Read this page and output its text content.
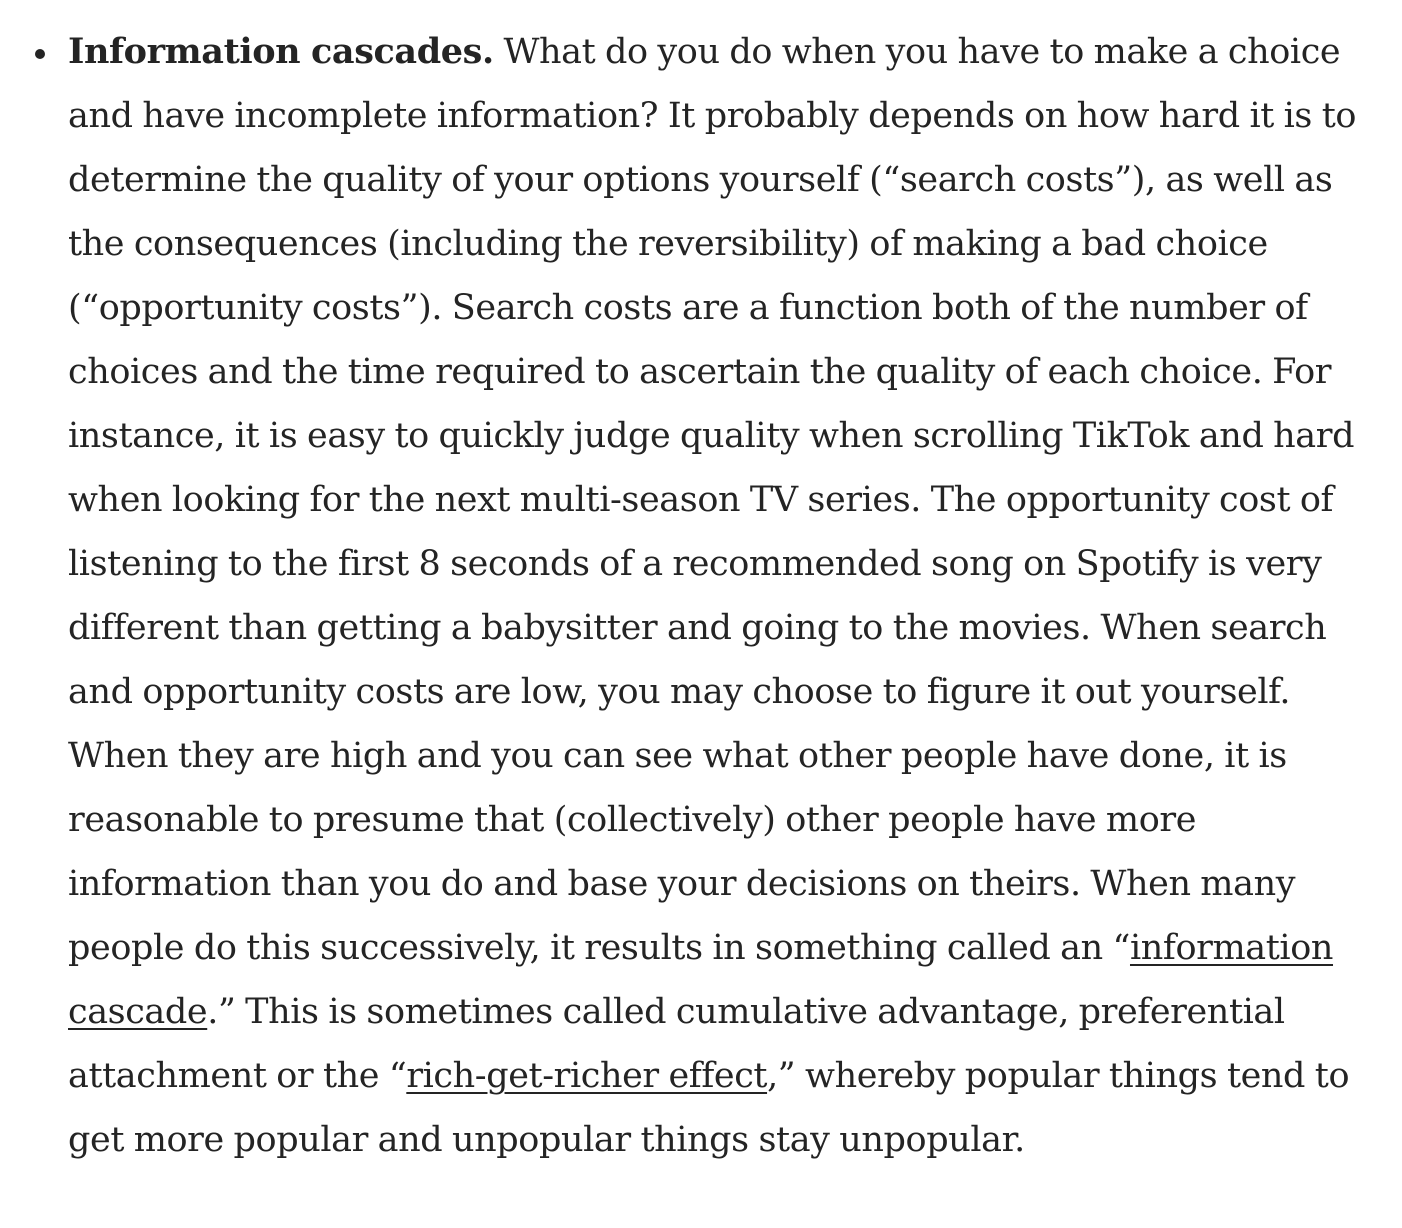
Information cascades. What do you do when you have to make a choice and have incomplete information? It probably depends on how hard it is to determine the quality of your options yourself (“search costs”), as well as the consequences (including the reversibility) of making a bad choice (“opportunity costs”). Search costs are a function both of the number of choices and the time required to ascertain the quality of each choice. For instance, it is easy to quickly judge quality when scrolling TikTok and hard when looking for the next multi-season TV series. The opportunity cost of listening to the first 8 seconds of a recommended song on Spotify is very different than getting a babysitter and going to the movies. When search and opportunity costs are low, you may choose to figure it out yourself. When they are high and you can see what other people have done, it is reasonable to presume that (collectively) other people have more information than you do and base your decisions on theirs. When many people do this successively, it results in something called an “information cascade.” This is sometimes called cumulative advantage, preferential attachment or the “rich-get-richer effect,” whereby popular things tend to get more popular and unpopular things stay unpopular.
